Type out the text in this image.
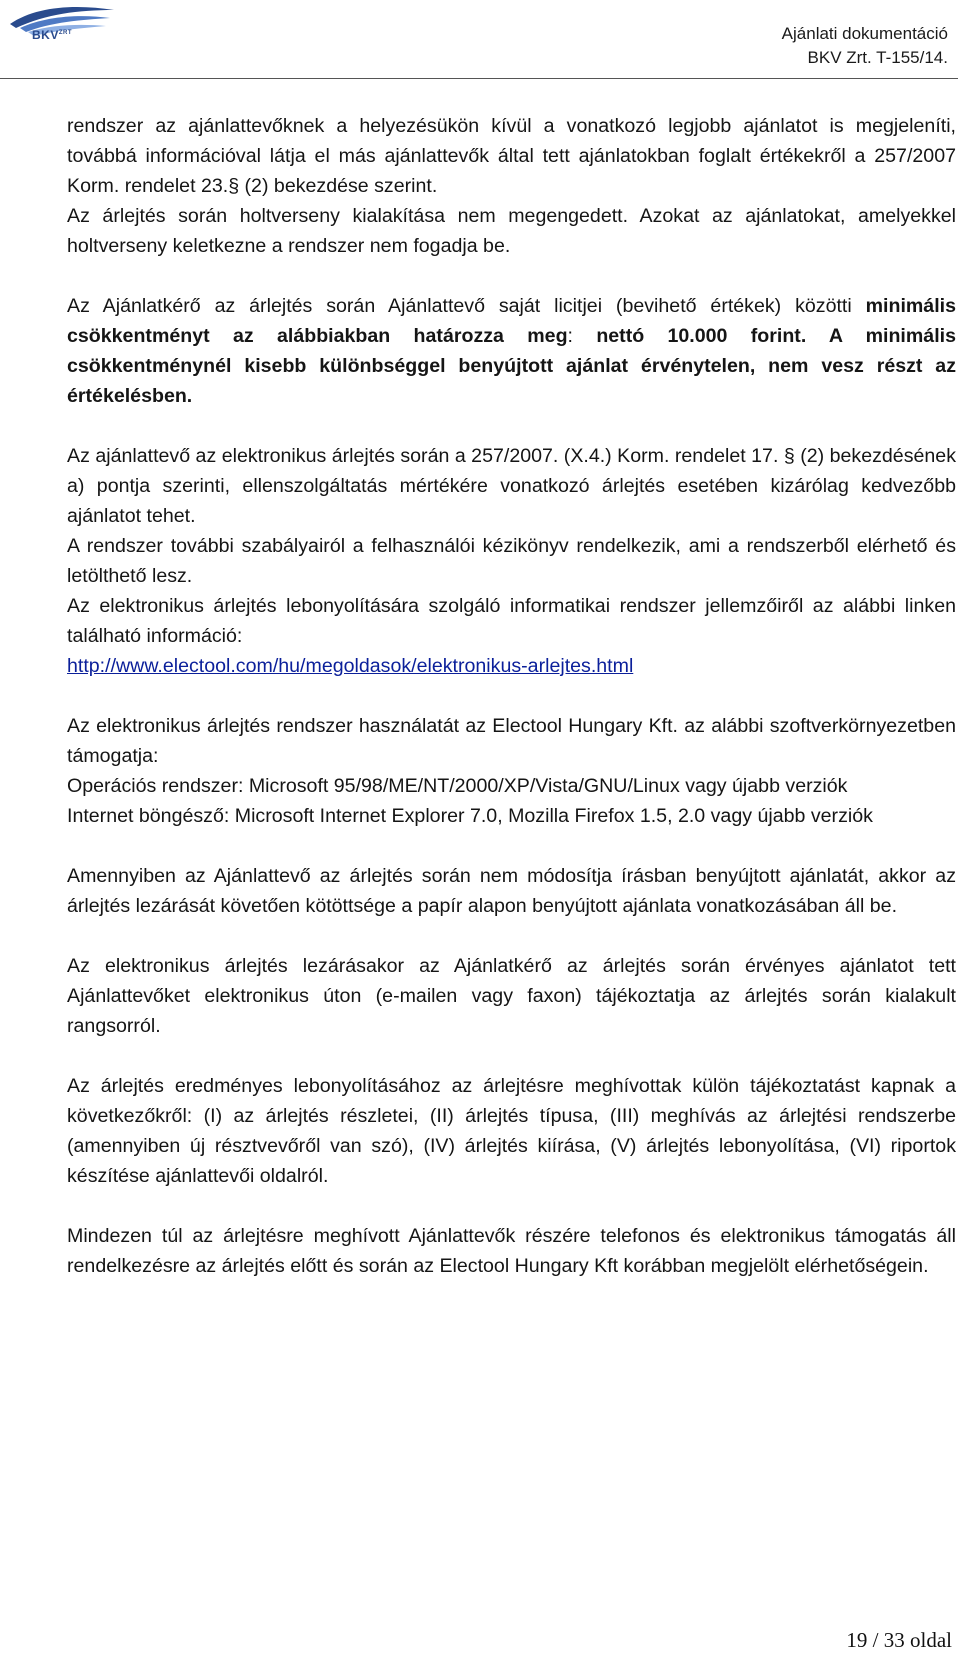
$BKV^{ZRT}$	Ajánlati dokumentáció
BKV Zrt. T-155/14.

rendszer az ajánlattevőknek a helyezésükön kívül a vonatkozó legjobb ajánlatot is megjeleníti, továbbá információval látja el más ajánlattevők által tett ajánlatokban foglalt értékekről a 257/2007 Korm. rendelet 23.§ (2) bekezdése szerint.

Az árlejtés során holtverseny kialakítása nem megengedett. Azokat az ajánlatokat, amelyekkel holtverseny keletkezne a rendszer nem fogadja be.

Az Ajánlatkérő az árlejtés során Ajánlattevő saját licitjei (bevihető értékek) közötti minimális csökkentményt az alábbiakban határozza meg: nettó 10.000 forint. A minimális csökkentménynél kisebb különbséggel benyújtott ajánlat érvénytelen, nem vesz részt az értékelésben.

Az ajánlattevő az elektronikus árlejtés során a 257/2007. (X.4.) Korm. rendelet 17. § (2) bekezdésének a) pontja szerinti, ellenszolgáltatás mértékére vonatkozó árlejtés esetében kizárólag kedvezőbb ajánlatot tehet.

A rendszer további szabályairól a felhasználói kézikönyv rendelkezik, ami a rendszerből elérhető és letölthető lesz.

Az elektronikus árlejtés lebonyolítására szolgáló informatikai rendszer jellemzőiről az alábbi linken található információ:

http://www.electool.com/hu/megoldasok/elektronikus-arlejtes.html

Az elektronikus árlejtés rendszer használatát az Electool Hungary Kft. az alábbi szoftverkörnyezetben támogatja:

Operációs rendszer: Microsoft 95/98/ME/NT/2000/XP/Vista/GNU/Linux vagy újabb verziók

Internet böngésző: Microsoft Internet Explorer 7.0, Mozilla Firefox 1.5, 2.0 vagy újabb verziók

Amennyiben az Ajánlattevő az árlejtés során nem módosítja írásban benyújtott ajánlatát, akkor az árlejtés lezárását követően kötöttsége a papír alapon benyújtott ajánlata vonatkozásában áll be.

Az elektronikus árlejtés lezárásakor az Ajánlatkérő az árlejtés során érvényes ajánlatot tett Ajánlattevőket elektronikus úton (e-mailen vagy faxon) tájékoztatja az árlejtés során kialakult rangsorról.

Az árlejtés eredményes lebonyolításához az árlejtésre meghívottak külön tájékoztatást kapnak a következőkről: (I) az árlejtés részletei, (II) árlejtés típusa, (III) meghívás az árlejtési rendszerbe (amennyiben új résztvevőről van szó), (IV) árlejtés kiírása, (V) árlejtés lebonyolítása, (VI) riportok készítése ajánlattevői oldalról.

Mindezen túl az árlejtésre meghívott Ajánlattevők részére telefonos és elektronikus támogatás áll rendelkezésre az árlejtés előtt és során az Electool Hungary Kft korábban megjelölt elérhetőségein.

19 / 33 oldal
